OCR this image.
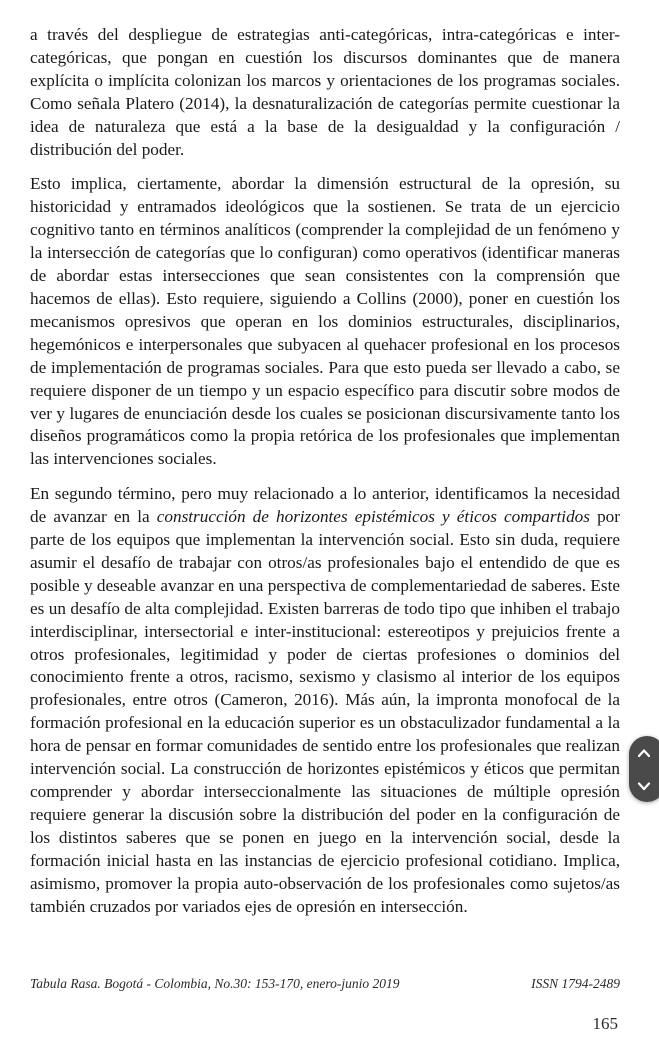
a través del despliegue de estrategias anti-categóricas, intra-categóricas e inter-categóricas, que pongan en cuestión los discursos dominantes que de manera explícita o implícita colonizan los marcos y orientaciones de los programas sociales. Como señala Platero (2014), la desnaturalización de categorías permite cuestionar la idea de naturaleza que está a la base de la desigualdad y la configuración / distribución del poder.

Esto implica, ciertamente, abordar la dimensión estructural de la opresión, su historicidad y entramados ideológicos que la sostienen. Se trata de un ejercicio cognitivo tanto en términos analíticos (comprender la complejidad de un fenómeno y la intersección de categorías que lo configuran) como operativos (identificar maneras de abordar estas intersecciones que sean consistentes con la comprensión que hacemos de ellas). Esto requiere, siguiendo a Collins (2000), poner en cuestión los mecanismos opresivos que operan en los dominios estructurales, disciplinarios, hegemónicos e interpersonales que subyacen al quehacer profesional en los procesos de implementación de programas sociales. Para que esto pueda ser llevado a cabo, se requiere disponer de un tiempo y un espacio específico para discutir sobre modos de ver y lugares de enunciación desde los cuales se posicionan discursivamente tanto los diseños programáticos como la propia retórica de los profesionales que implementan las intervenciones sociales.

En segundo término, pero muy relacionado a lo anterior, identificamos la necesidad de avanzar en la construcción de horizontes epistémicos y éticos compartidos por parte de los equipos que implementan la intervención social. Esto sin duda, requiere asumir el desafío de trabajar con otros/as profesionales bajo el entendido de que es posible y deseable avanzar en una perspectiva de complementariedad de saberes. Este es un desafío de alta complejidad. Existen barreras de todo tipo que inhiben el trabajo interdisciplinar, intersectorial e inter-institucional: estereotipos y prejuicios frente a otros profesionales, legitimidad y poder de ciertas profesiones o dominios del conocimiento frente a otros, racismo, sexismo y clasismo al interior de los equipos profesionales, entre otros (Cameron, 2016). Más aún, la impronta monofocal de la formación profesional en la educación superior es un obstaculizador fundamental a la hora de pensar en formar comunidades de sentido entre los profesionales que realizan intervención social. La construcción de horizontes epistémicos y éticos que permitan comprender y abordar interseccionalmente las situaciones de múltiple opresión requiere generar la discusión sobre la distribución del poder en la configuración de los distintos saberes que se ponen en juego en la intervención social, desde la formación inicial hasta en las instancias de ejercicio profesional cotidiano. Implica, asimismo, promover la propia auto-observación de los profesionales como sujetos/as también cruzados por variados ejes de opresión en intersección.

Tabula Rasa. Bogotá - Colombia, No.30: 153-170, enero-junio 2019	ISSN 1794-2489
165
